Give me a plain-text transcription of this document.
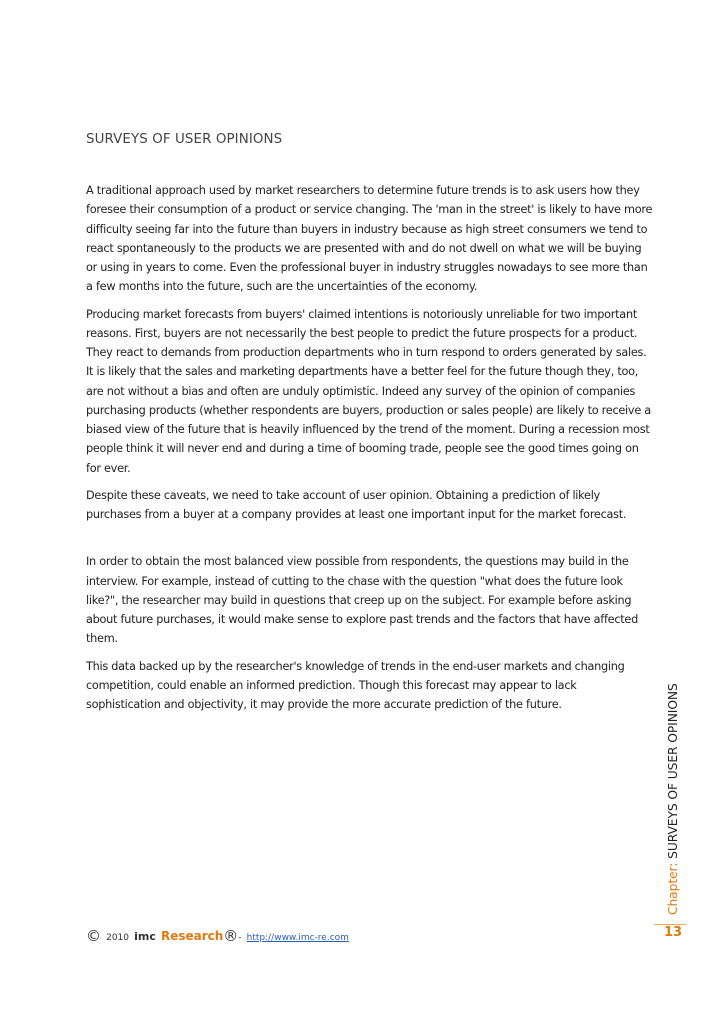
SURVEYS OF USER OPINIONS

A traditional approach used by market researchers to determine future trends is to ask users how they
foresee their consumption of a product or service changing. The 'man in the street' is likely to have more
difficulty seeing far into the future than buyers in industry because as high street consumers we tend to
react spontaneously to the products we are presented with and do not dwell on what we will be buying
or using in years to come. Even the professional buyer in industry struggles nowadays to see more than
a few months into the future, such are the uncertainties of the economy.

Producing market forecasts from buyers' claimed intentions is notoriously unreliable for two important
reasons. First, buyers are not necessarily the best people to predict the future prospects for a product.
They react to demands from production departments who in turn respond to orders generated by sales.
It is likely that the sales and marketing departments have a better feel for the future though they, too,
are not without a bias and often are unduly optimistic. Indeed any survey of the opinion of companies
purchasing products (whether respondents are buyers, production or sales people) are likely to receive a
biased view of the future that is heavily influenced by the trend of the moment. During a recession most
people think it will never end and during a time of booming trade, people see the good times going on
for ever.

Despite these caveats, we need to take account of user opinion. Obtaining a prediction of likely
purchases from a buyer at a company provides at least one important input for the market forecast.

In order to obtain the most balanced view possible from respondents, the questions may build in the
interview. For example, instead of cutting to the chase with the question "what does the future look
like?", the researcher may build in questions that creep up on the subject. For example before asking
about future purchases, it would make sense to explore past trends and the factors that have affected
them.

This data backed up by the researcher's knowledge of trends in the end-user markets and changing
competition, could enable an informed prediction. Though this forecast may appear to lack
sophistication and objectivity, it may provide the more accurate prediction of the future.

Chapter: SURVEYS OF USER OPINIONS
© 2010 imc Research®- http://www.imc-re.com	13
